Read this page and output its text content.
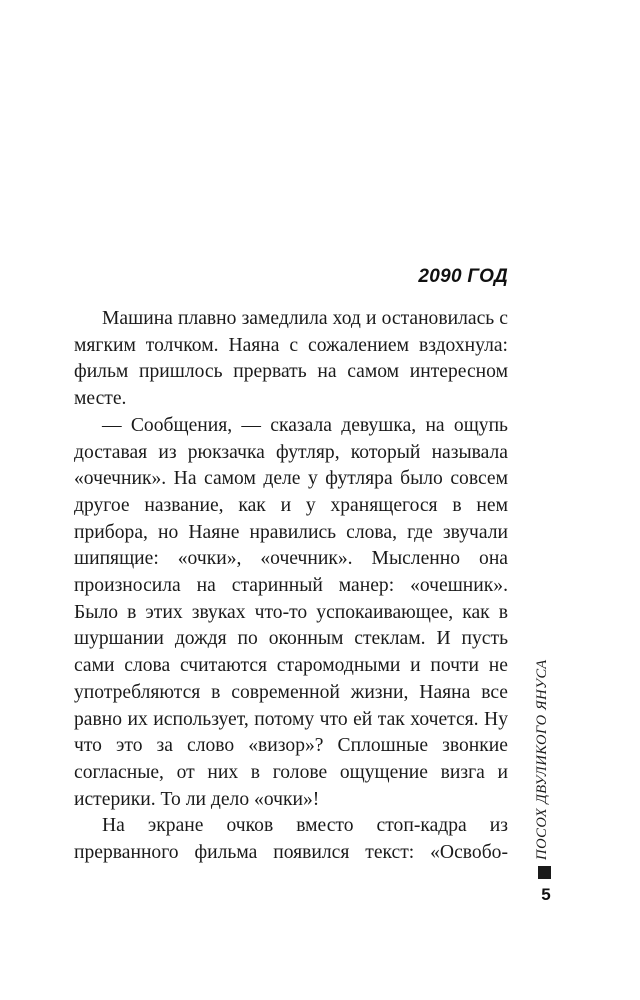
2090 ГОД

Машина плавно замедлила ход и остановилась с мягким толчком. Наяна с сожалением вздохнула: фильм пришлось прервать на самом интересном месте.

— Сообщения, — сказала девушка, на ощупь доставая из рюкзачка футляр, который называла «очечник». На самом деле у футляра было совсем другое название, как и у хранящегося в нем прибора, но Наяне нравились слова, где звучали шипящие: «очки», «очечник». Мысленно она произносила на старинный манер: «очешник». Было в этих звуках что-то успокаивающее, как в шуршании дождя по оконным стеклам. И пусть сами слова считаются старомодными и почти не употребляются в современной жизни, Наяна все равно их использует, потому что ей так хочется. Ну что это за слово «визор»? Сплошные звонкие согласные, от них в голове ощущение визга и истерики. То ли дело «очки»!

На экране очков вместо стоп-кадра из прерванного фильма появился текст: «Освобо- ПОСОХ ДВУЛИКОГО ЯНУСА
5
